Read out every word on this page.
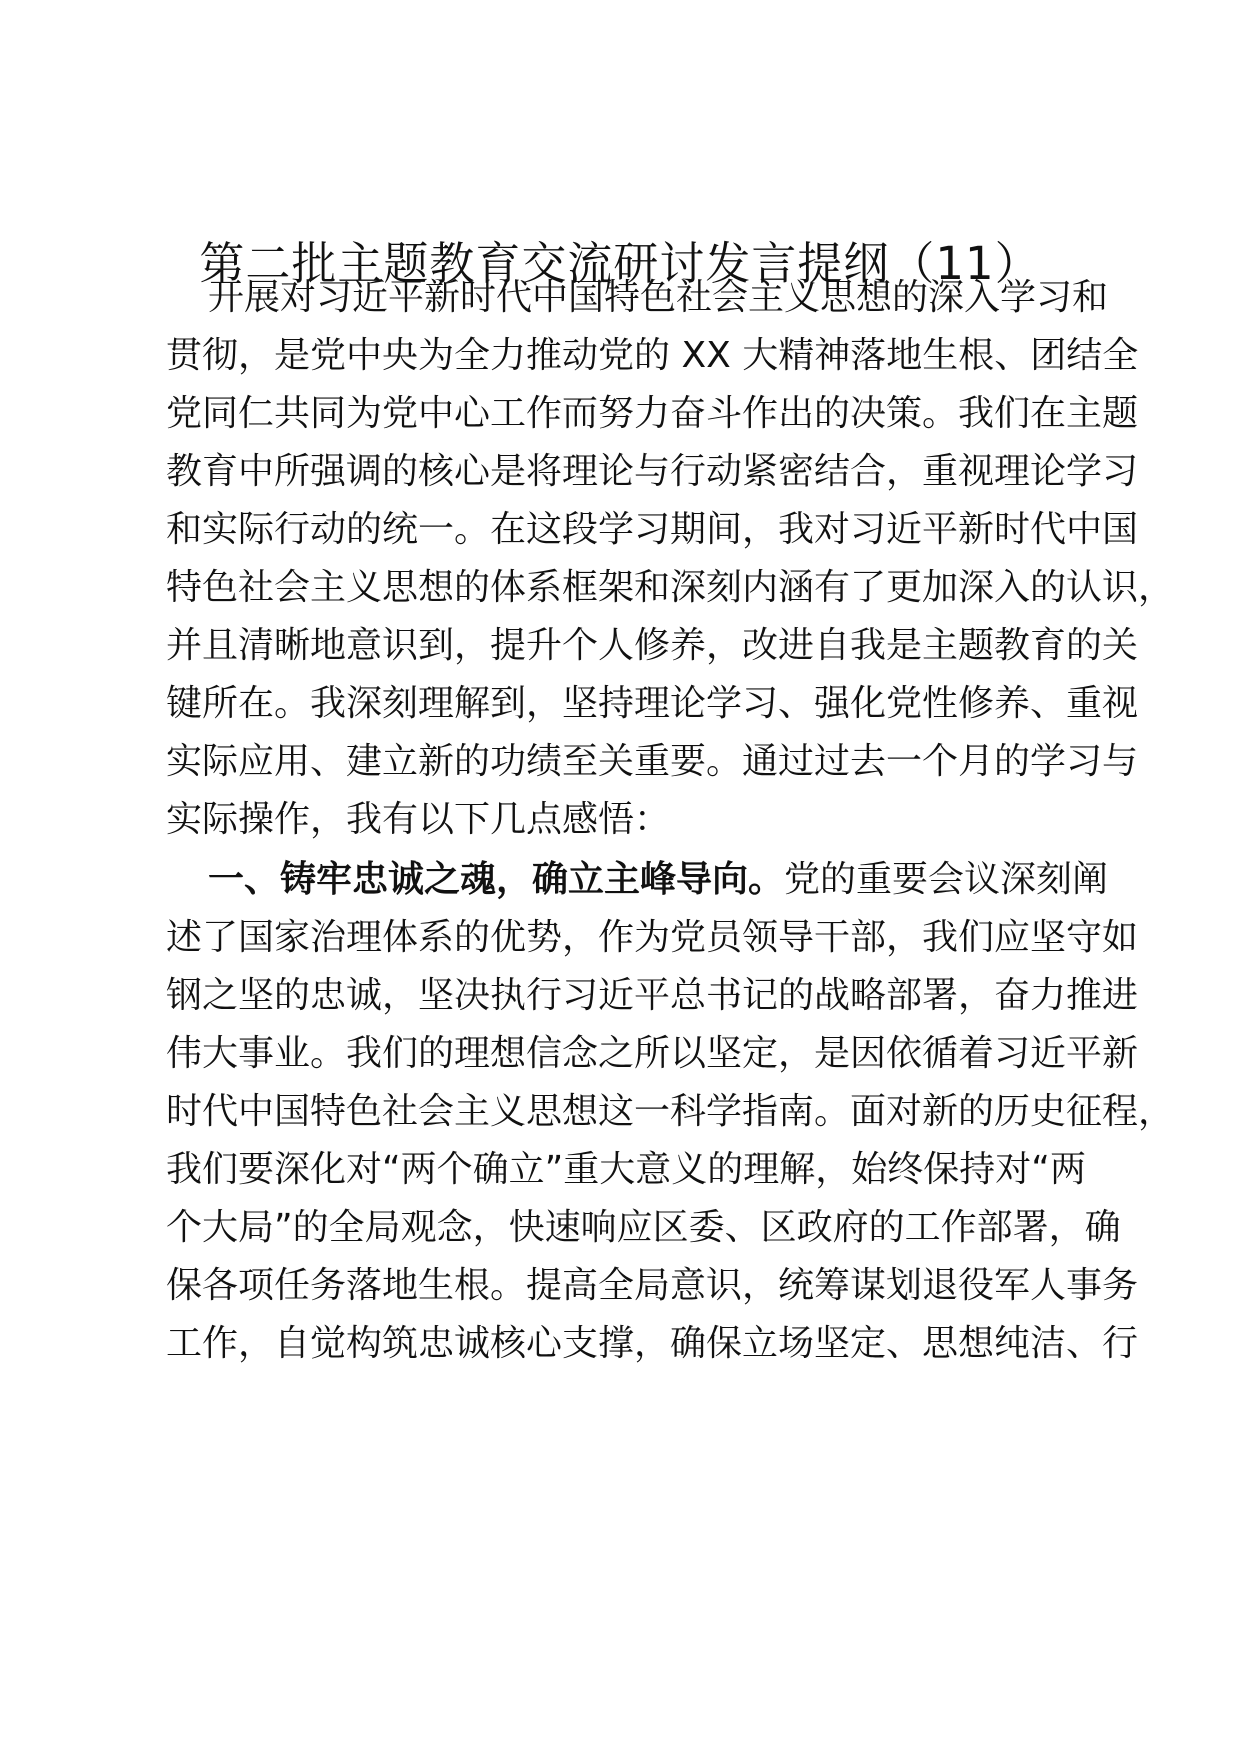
第二批主题教育交流研讨发言提纲（11）

开展对习近平新时代中国特色社会主义思想的深入学习和

贯彻，是党中央为全力推动党的 XX 大精神落地生根、团结全

党同仁共同为党中心工作而努力奋斗作出的决策。我们在主题

教育中所强调的核心是将理论与行动紧密结合，重视理论学习

和实际行动的统一。在这段学习期间，我对习近平新时代中国

特色社会主义思想的体系框架和深刻内涵有了更加深入的认识，

并且清晰地意识到，提升个人修养，改进自我是主题教育的关

键所在。我深刻理解到，坚持理论学习、强化党性修养、重视

实际应用、建立新的功绩至关重要。通过过去一个月的学习与

实际操作，我有以下几点感悟：

一、铸牢忠诚之魂，确立主峰导向。党的重要会议深刻阐

述了国家治理体系的优势，作为党员领导干部，我们应坚守如

钢之坚的忠诚，坚决执行习近平总书记的战略部署，奋力推进

伟大事业。我们的理想信念之所以坚定，是因依循着习近平新

时代中国特色社会主义思想这一科学指南。面对新的历史征程，

我们要深化对“两个确立”重大意义的理解，始终保持对“两

个大局”的全局观念，快速响应区委、区政府的工作部署，确

保各项任务落地生根。提高全局意识，统筹谋划退役军人事务

工作，自觉构筑忠诚核心支撑，确保立场坚定、思想纯洁、行
